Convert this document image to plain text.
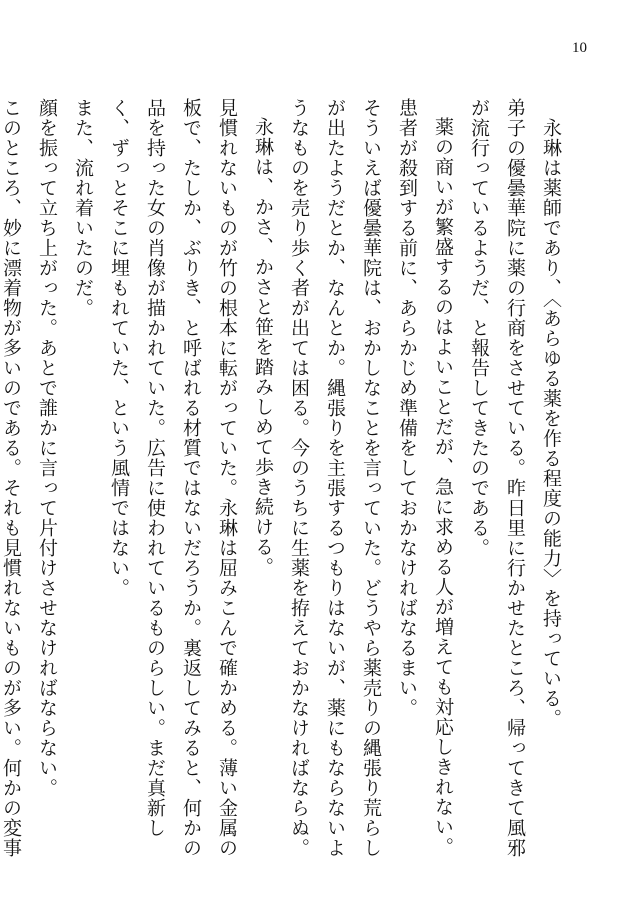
10

　永琳は薬師であり、〈あらゆる薬を作る程度の能力〉を持っている。

弟子の優曇華院に薬の行商をさせている。昨日里に行かせたところ、帰ってきて風邪が流行っているようだ、と報告してきたのである。

薬の商いが繁盛するのはよいことだが、急に求める人が増えても対応しきれない。患者が殺到する前に、あらかじめ準備をしておかなければなるまい。

そういえば優曇華院は、おかしなことを言っていた。どうやら薬売りの縄張り荒らしが出たようだとか、なんとか。縄張りを主張するつもりはないが、薬にもならないようなものを売り歩く者が出ては困る。今のうちに生薬を拵えておかなければならぬ。

永琳は、かさ、かさと笹を踏みしめて歩き続ける。

見慣れないものが竹の根本に転がっていた。永琳は屈みこんで確かめる。薄い金属の板で、たしか、ぶりき、と呼ばれる材質ではないだろうか。裏返してみると、何かの品を持った女の肖像が描かれていた。広告に使われているものらしい。まだ真新しく、ずっとそこに埋もれていた、という風情ではない。

また、流れ着いたのだ。

顔を振って立ち上がった。あとで誰かに言って片付けさせなければならない。

このところ、妙に漂着物が多いのである。それも見慣れないものが多い。何かの変事
